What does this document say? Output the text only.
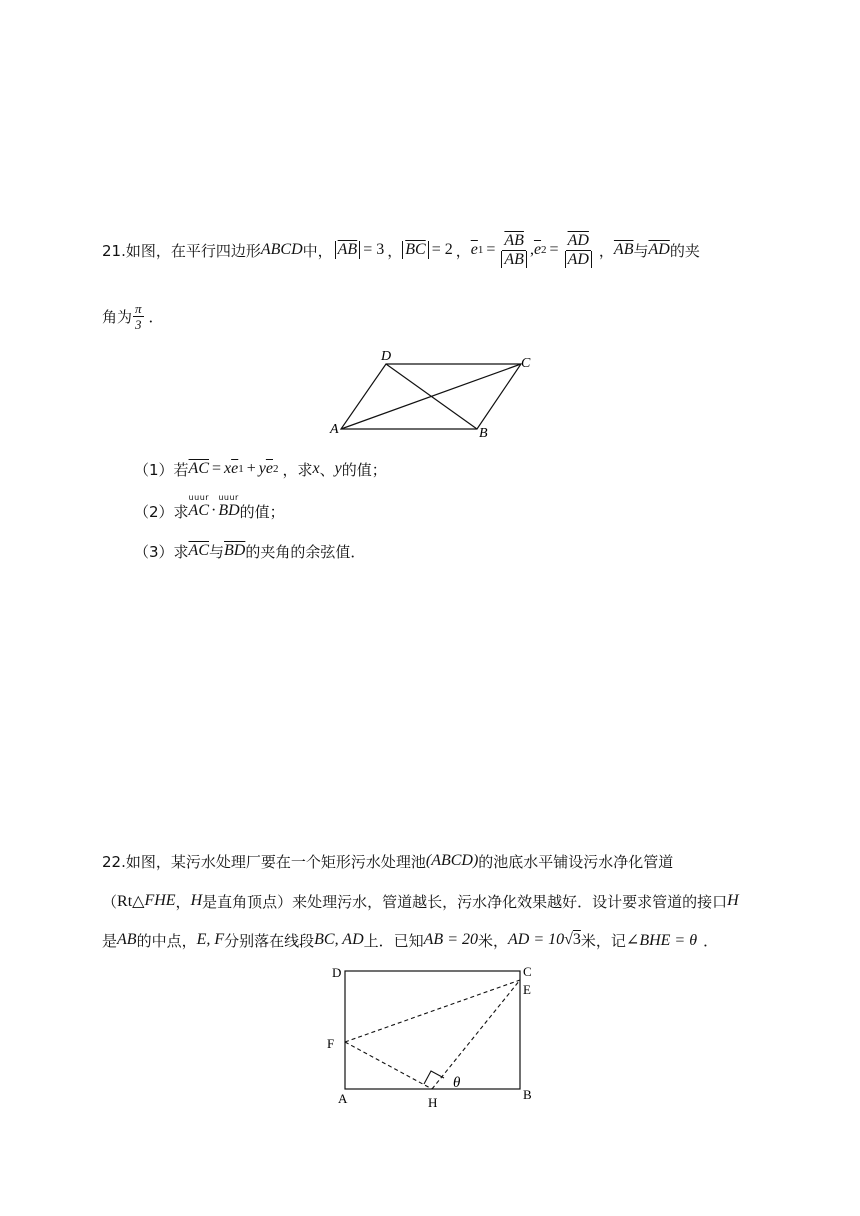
21.如图，在平行四边形 ABCD 中， $\overline{AB} = 3$ ， $\overline{BC} = 2$ ， $\overline{e}$ $1 = \frac{\overline{AB}}{AB}$ , $\overline{e}$ $2 = \frac{\overline{AD}}{AD}$ ， $\overline{AB}$ 与 $\overline{AD}$ 的夹
角为 $\frac{\pi}{3}$ ．
A	B
C
D
（1）若 $\overline{AC} = x$ $\overline{e}$ 1 + y $\overline{e}$ 2 ，求 x 、 y 的值；
（2）求
uuur
AC ·
uuur
BD 的值；
（3）求 $\overline{AC}$ 与 $\overline{BD}$ 的夹角的余弦值．
22.如图，某污水处理厂要在一个矩形污水处理池 (ABCD) 的池底水平铺设污水净化管道
（ Rt△ FHE ， H 是直角顶点）来处理污水，管道越长，污水净化效果越好．设计要求管道的接口 H
是 AB 的中点， E, F 分别落在线段 BC, AD 上．已知 AB = 20 米， AD = 10 √ 3 米，记 ∠BHE = θ ．
D	C
E
F
A	H
B
θ
